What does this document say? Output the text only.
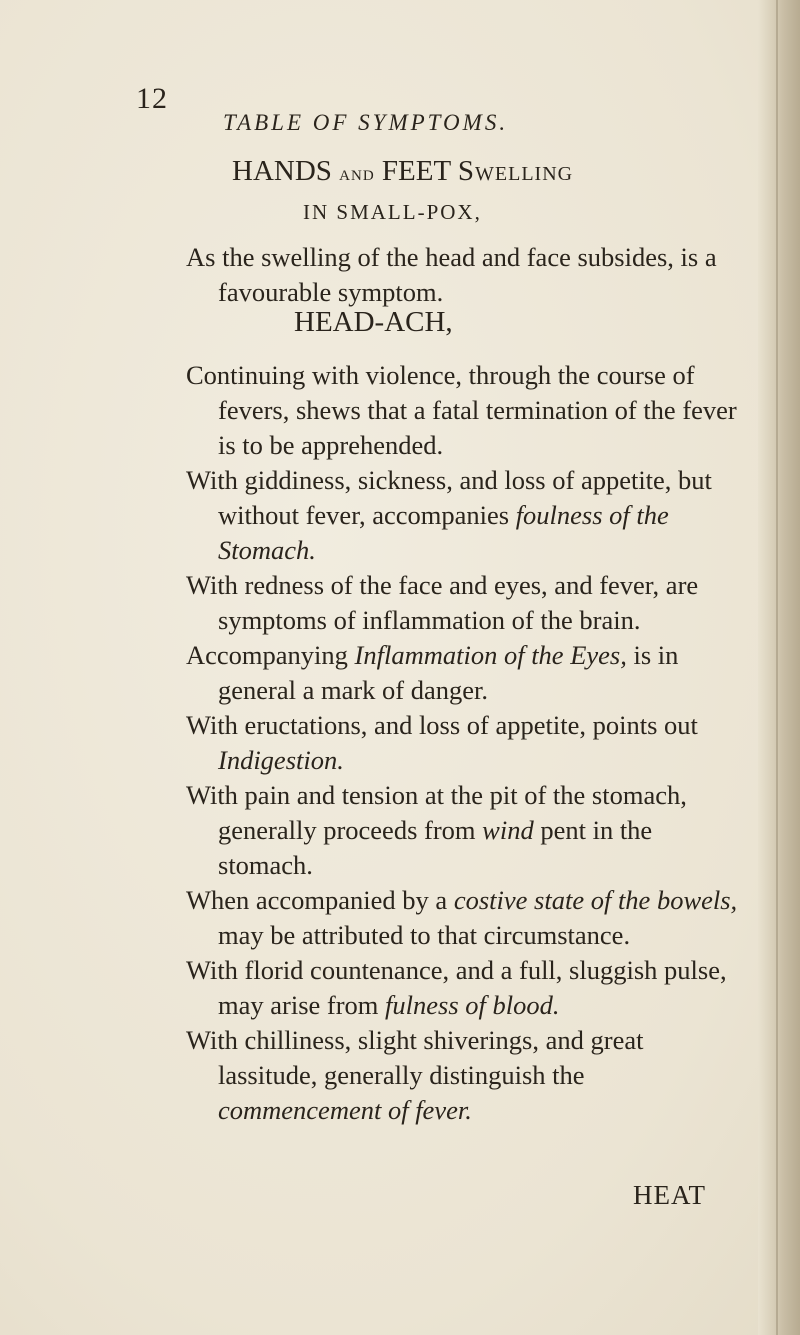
12
TABLE OF SYMPTOMS.
HANDS and FEET Swelling
IN SMALL-POX,
As the swelling of the head and face subsides, is a favourable symptom.
HEAD-ACH,
Continuing with violence, through the course of fevers, shews that a fatal termination of the fever is to be apprehended.
With giddiness, sickness, and loss of appetite, but without fever, accompanies foulness of the Stomach.
With redness of the face and eyes, and fever, are symptoms of inflammation of the brain.
Accompanying Inflammation of the Eyes, is in general a mark of danger.
With eructations, and loss of appetite, points out Indigestion.
With pain and tension at the pit of the stomach, generally proceeds from wind pent in the stomach.
When accompanied by a costive state of the bowels, may be attributed to that circumstance.
With florid countenance, and a full, sluggish pulse, may arise from fulness of blood.
With chilliness, slight shiverings, and great lassitude, generally distinguish the commencement of fever.
HEAT
